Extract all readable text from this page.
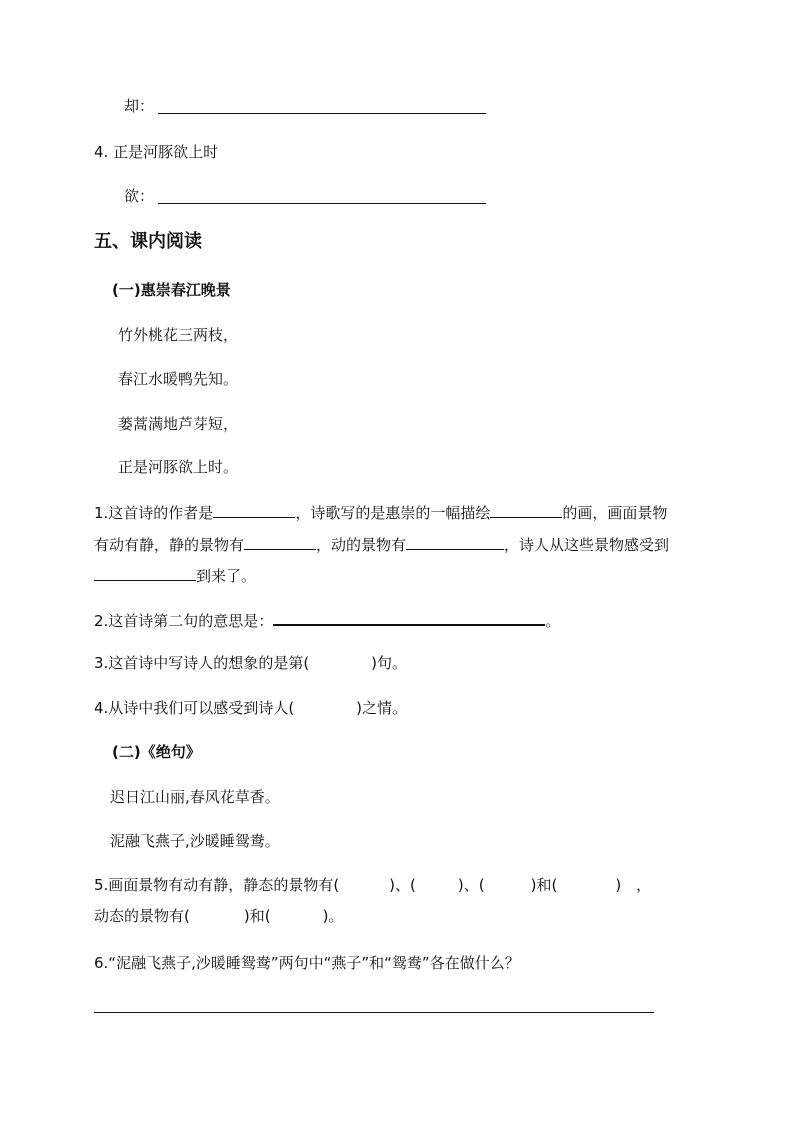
却：
4. 正是河豚欲上时
欲：
五、课内阅读
(一)惠崇春江晚景
竹外桃花三两枝，
春江水暖鸭先知。
蒌蒿满地芦芽短，
正是河豚欲上时。
1.这首诗的作者是	，诗歌写的是惠崇的一幅描绘	的画，画面景物
有动有静，静的景物有	，动的景物有	，诗人从这些景物感受到
到来了。
2.这首诗第二句的意思是：	。
3.这首诗中写诗人的想象的是第(	)句。
4.从诗中我们可以感受到诗人(	)之情。
(二)《绝句》
迟日江山丽,春风花草香。
泥融飞燕子,沙暖睡鸳鸯。
5.画面景物有动有静，静态的景物有(	)、(	)、(	)和(	)　，
动态的景物有(	)和(	)。
6.“泥融飞燕子,沙暖睡鸳鸯”两句中“燕子”和“鸳鸯”各在做什么？
